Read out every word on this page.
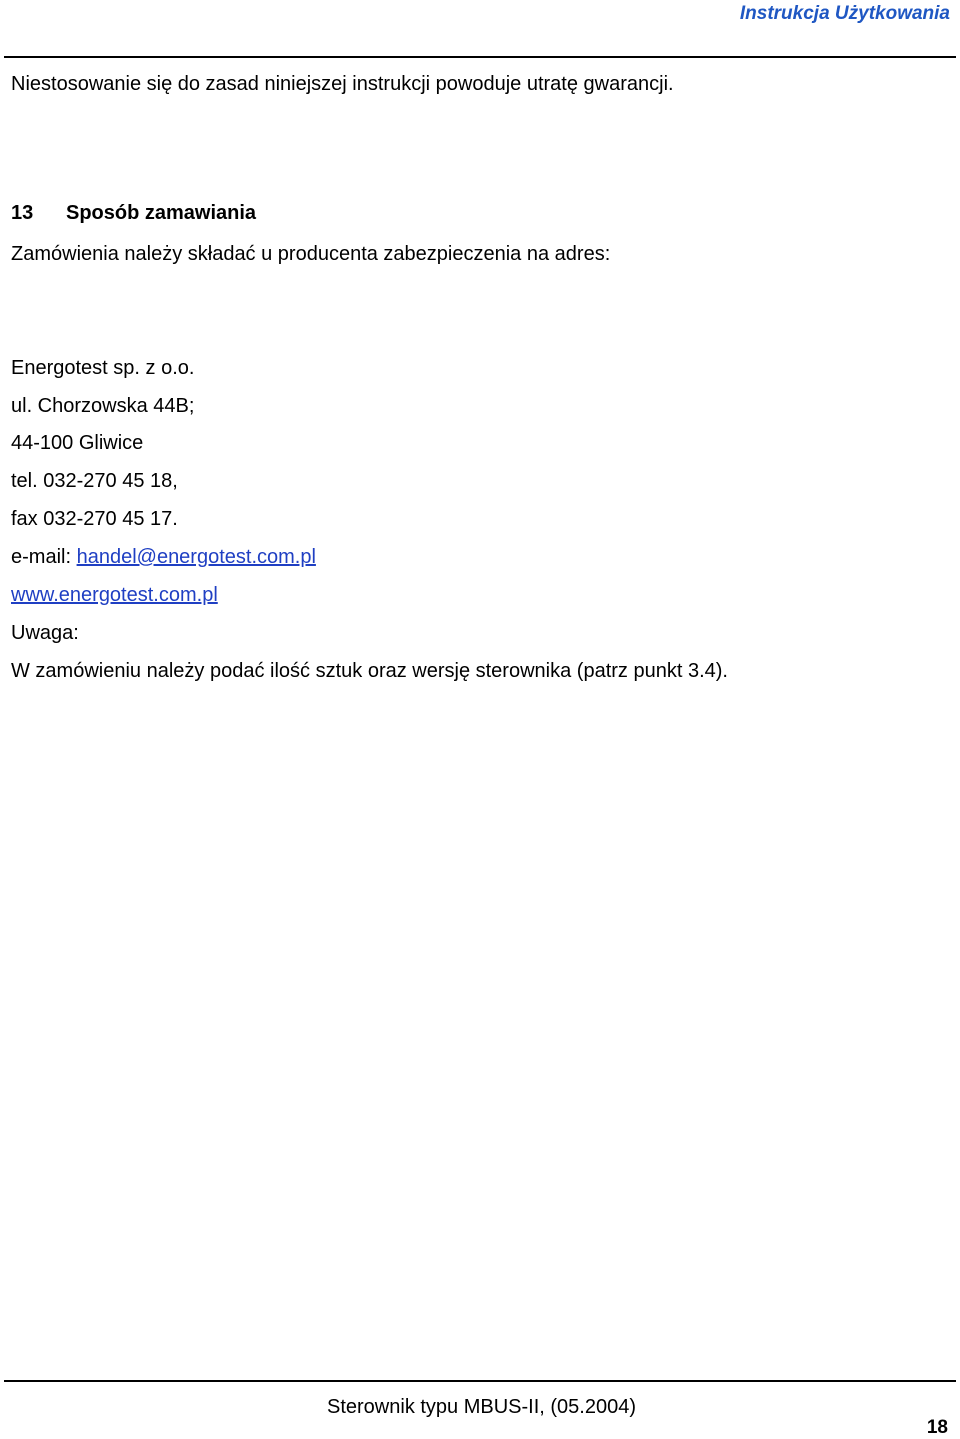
Instrukcja Użytkowania
Niestosowanie się do zasad niniejszej instrukcji powoduje utratę gwarancji.
13 Sposób zamawiania
Zamówienia należy składać u producenta zabezpieczenia na adres:
Energotest sp. z o.o.
ul. Chorzowska 44B;
44-100 Gliwice
tel. 032-270 45 18,
fax 032-270 45 17.
e-mail: handel@energotest.com.pl
www.energotest.com.pl
Uwaga:
W zamówieniu należy podać ilość sztuk oraz wersję sterownika (patrz punkt 3.4).
Sterownik typu MBUS-II, (05.2004)
18
